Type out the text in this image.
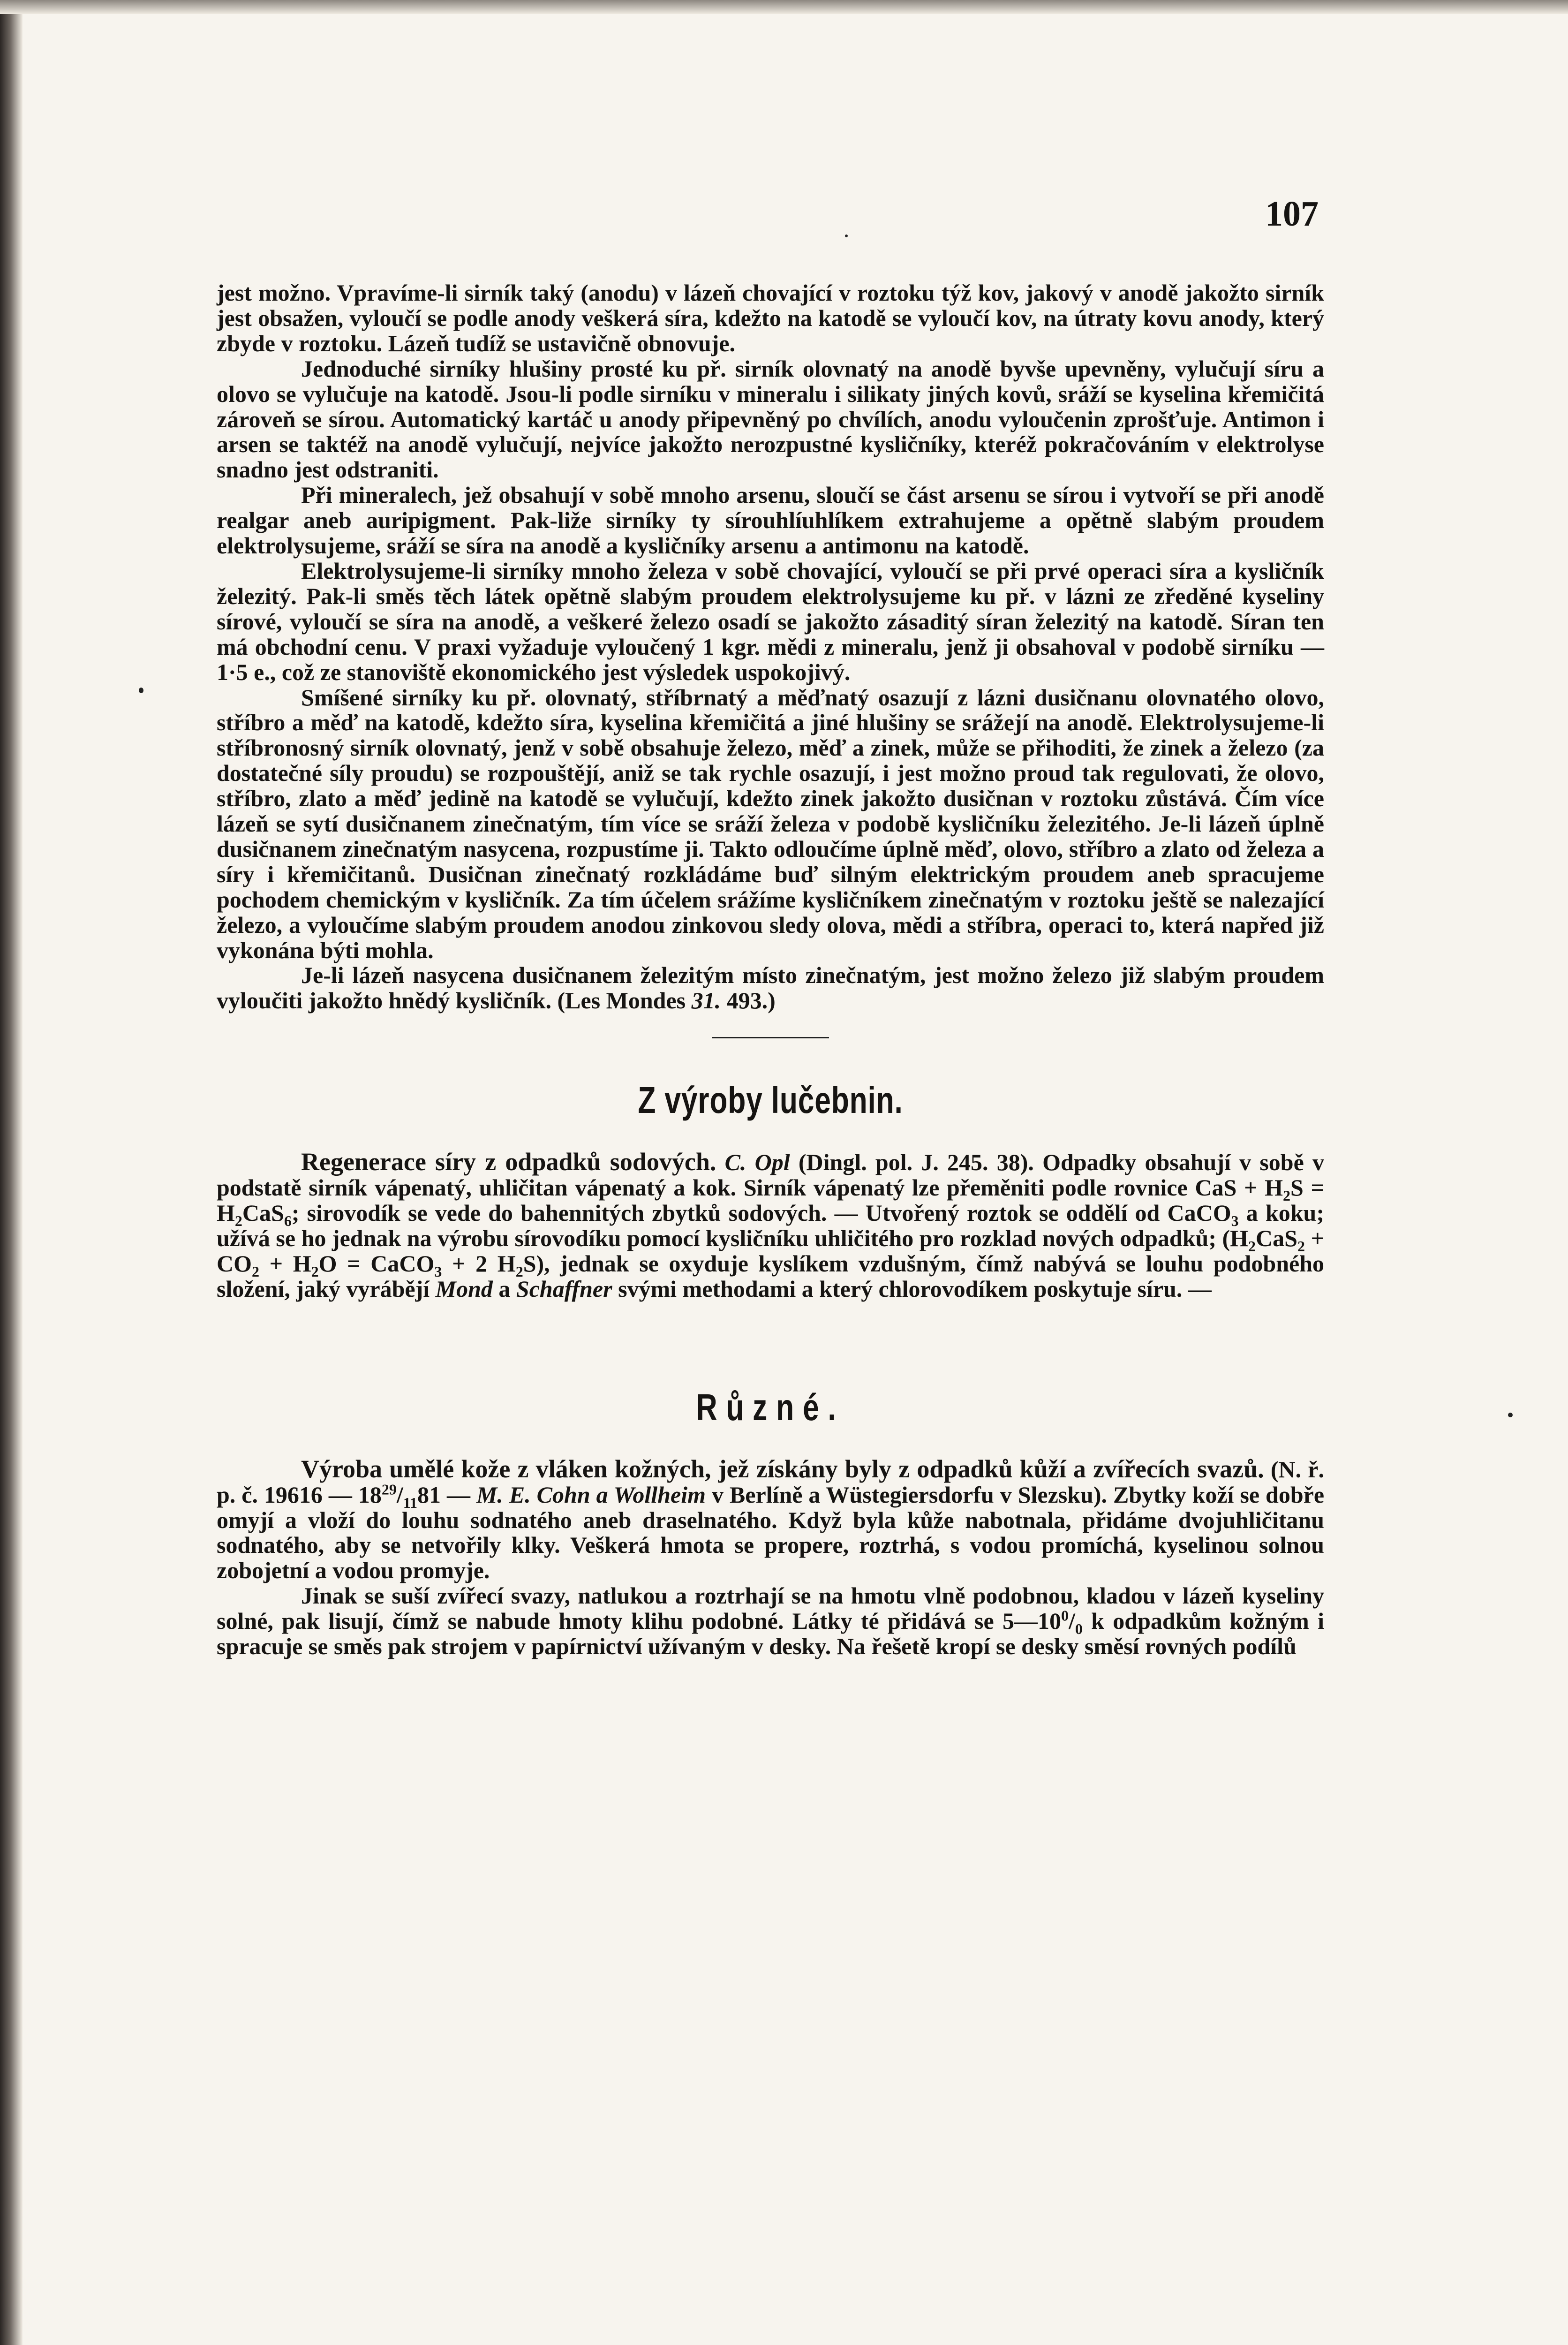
107

jest možno. Vpravíme-li sirník taký (anodu) v lázeň chovající v roztoku týž kov, jakový v anodě jakožto sirník jest obsažen, vyloučí se podle anody veškerá síra, kdežto na katodě se vyloučí kov, na útraty kovu anody, který zbyde v roztoku. Lázeň tudíž se ustavičně obnovuje.

Jednoduché sirníky hlušiny prosté ku př. sirník olovnatý na anodě byvše upevněny, vylučují síru a olovo se vylučuje na katodě. Jsou-li podle sirníku v mineralu i silikaty jiných kovů, sráží se kyselina křemičitá zároveň se sírou. Automatický kartáč u anody připevněný po chvílích, anodu vyloučenin zprošťuje. Antimon i arsen se taktéž na anodě vylučují, nejvíce jakožto nerozpustné kysličníky, kteréž pokračováním v elektrolyse snadno jest odstraniti.

Při mineralech, jež obsahují v sobě mnoho arsenu, sloučí se část arsenu se sírou i vytvoří se při anodě realgar aneb auripigment. Pak-liže sirníky ty sírouhlíuhlíkem extrahujeme a opětně slabým proudem elektrolysujeme, sráží se síra na anodě a kysličníky arsenu a antimonu na katodě.

Elektrolysujeme-li sirníky mnoho železa v sobě chovající, vyloučí se při prvé operaci síra a kysličník železitý. Pak-li směs těch látek opětně slabým proudem elektrolysujeme ku př. v lázni ze zředěné kyseliny sírové, vyloučí se síra na anodě, a veškeré železo osadí se jakožto zásaditý síran železitý na katodě. Síran ten má obchodní cenu. V praxi vyžaduje vyloučený 1 kgr. mědi z mineralu, jenž ji obsahoval v podobě sirníku —1·5 e., což ze stanoviště ekonomického jest výsledek uspokojivý.

Smíšené sirníky ku př. olovnatý, stříbrnatý a měďnatý osazují z lázni dusičnanu olovnatého olovo, stříbro a měď na katodě, kdežto síra, kyselina křemičitá a jiné hlušiny se srážejí na anodě. Elektrolysujeme-li stříbronosný sirník olovnatý, jenž v sobě obsahuje železo, měď a zinek, může se přihoditi, že zinek a železo (za dostatečné síly proudu) se rozpouštějí, aniž se tak rychle osazují, i jest možno proud tak regulovati, že olovo, stříbro, zlato a měď jedině na katodě se vylučují, kdežto zinek jakožto dusičnan v roztoku zůstává. Čím více lázeň se sytí dusičnanem zinečnatým, tím více se sráží železa v podobě kysličníku železitého. Je-li lázeň úplně dusičnanem zinečnatým nasycena, rozpustíme ji. Takto odloučíme úplně měď, olovo, stříbro a zlato od železa a síry i křemičitanů. Dusičnan zinečnatý rozkládáme buď silným elektrickým proudem aneb spracujeme pochodem chemickým v kysličník. Za tím účelem srážíme kysličníkem zinečnatým v roztoku ještě se nalezající železo, a vyloučíme slabým proudem anodou zinkovou sledy olova, mědi a stříbra, operaci to, která napřed již vykonána býti mohla.

Je-li lázeň nasycena dusičnanem železitým místo zinečnatým, jest možno železo již slabým proudem vyloučiti jakožto hnědý kysličník. (Les Mondes 31. 493.)

Z výroby lučebnin.

Regenerace síry z odpadků sodových. C. Opl (Dingl. pol. J. 245. 38). Odpadky obsahují v sobě v podstatě sirník vápenatý, uhličitan vápenatý a kok. Sirník vápenatý lze přeměniti podle rovnice CaS + $H_2S = H_2CaS_6$; sirovodík se vede do bahennitých zbytků sodových. — Utvořený roztok se oddělí od CaCO$_3$ a koku; užívá se ho jednak na výrobu sírovodíku pomocí kysličníku uhličitého pro rozklad nových odpadků; ($H_2CaS_2 + CO_2 + H_2O$ = CaCO$_3$ + 2 $H_2S$), jednak se oxyduje kyslíkem vzdušným, čímž nabývá se louhu podobného složení, jaký vyrábějí Mond a Schaffner svými methodami a který chlorovodíkem poskytuje síru. —

Různé.

Výroba umělé kože z vláken kožných, jež získány byly z odpadků kůží a zvířecích svazů. (N. ř. p. č. 19616 — $18^{29}/_{11}81$ — M. E. Cohn a Wollheim v Berlíně a Wüstegiersdorfu v Slezsku). Zbytky koží se dobře omyjí a vloží do louhu sodnatého aneb draselnatého. Když byla kůže nabotnala, přidáme dvojuhličitanu sodnatého, aby se netvořily klky. Veškerá hmota se propere, roztrhá, s vodou promíchá, kyselinou solnou zobojetní a vodou promyje.

Jinak se suší zvířecí svazy, natlukou a roztrhají se na hmotu vlně podobnou, kladou v lázeň kyseliny solné, pak lisují, čímž se nabude hmoty klihu podobné. Látky té přidává se $5—10^0/_0$ k odpadkům kožným i spracuje se směs pak strojem v papírnictví užívaným v desky. Na řešetě kropí se desky směsí rovných podílů
